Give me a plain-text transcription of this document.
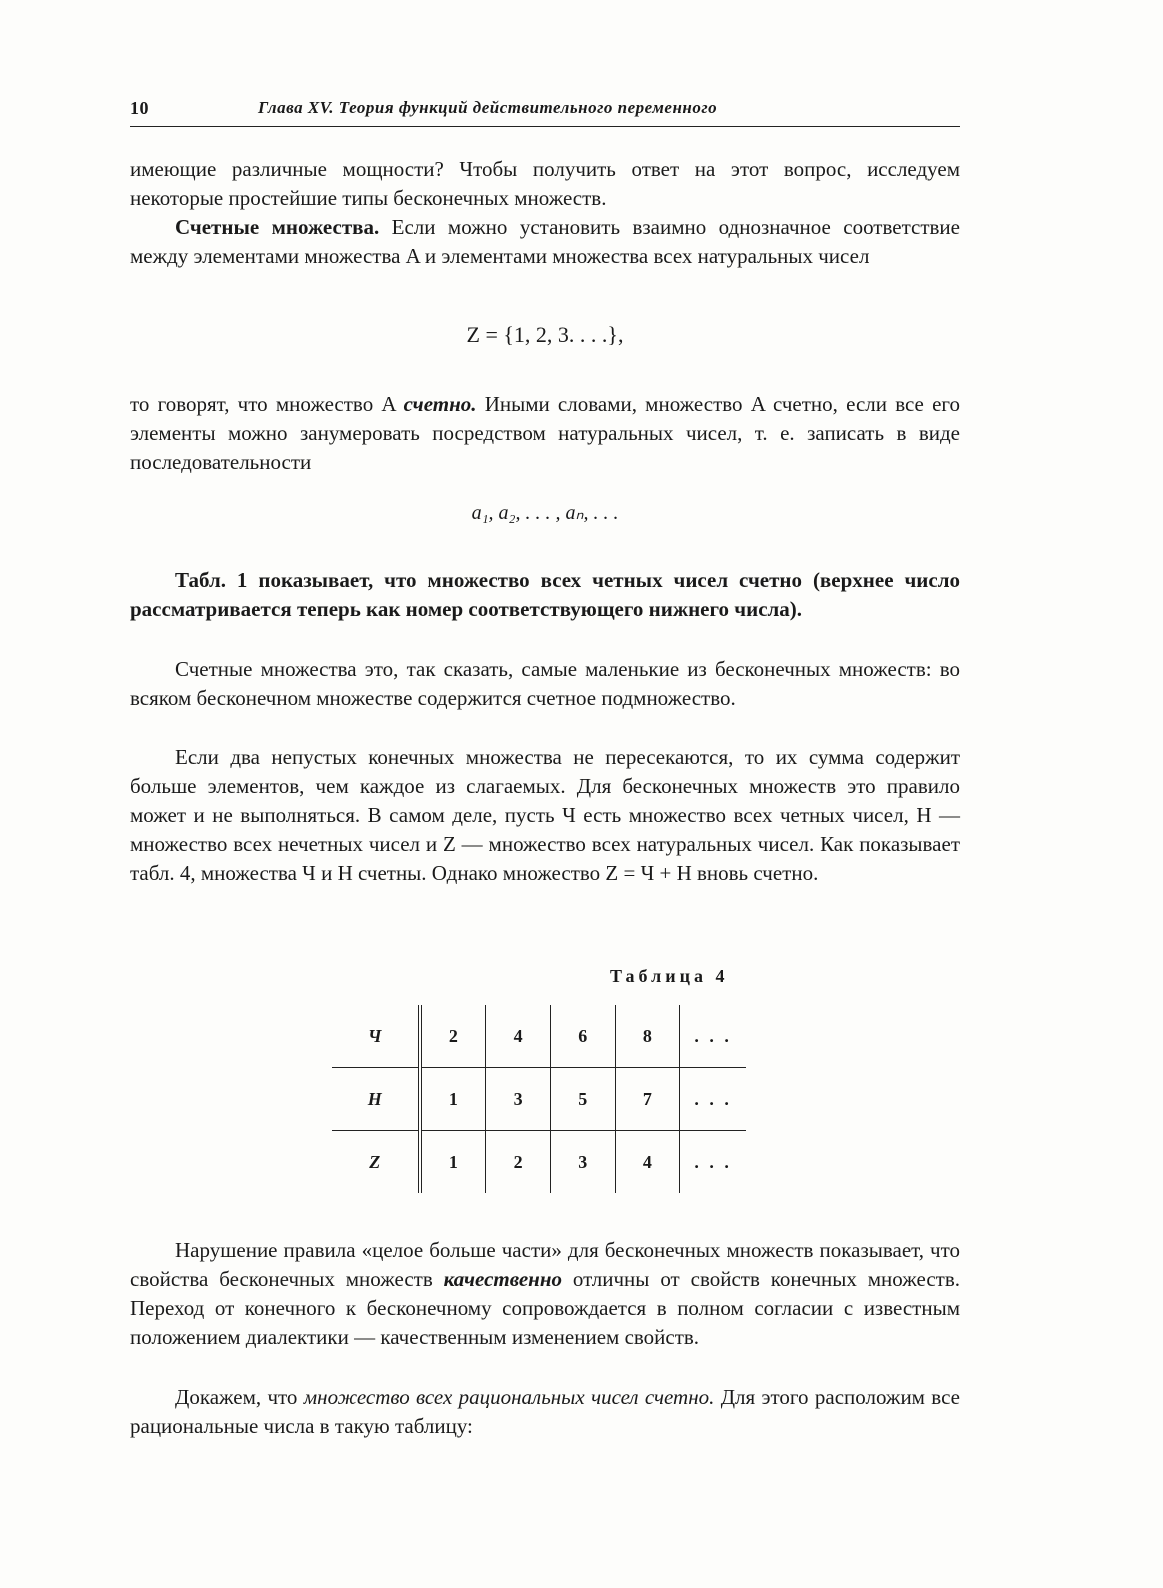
10	Глава XV. Теория функций действительного переменного
имеющие различные мощности? Чтобы получить ответ на этот вопрос, исследуем некоторые простейшие типы бесконечных множеств.
Счетные множества. Если можно установить взаимно однозначное соответствие между элементами множества A и элементами множества всех натуральных чисел
Z = {1, 2, 3. . . .},
то говорят, что множество A счетно. Иными словами, множество A счетно, если все его элементы можно занумеровать посредством натуральных чисел, т. е. записать в виде последовательности
a₁, a₂, . . . , aₙ, . . .
Табл. 1 показывает, что множество всех четных чисел счетно (верхнее число рассматривается теперь как номер соответствующего нижнего числа).
Счетные множества это, так сказать, самые маленькие из бесконечных множеств: во всяком бесконечном множестве содержится счетное подмножество.
Если два непустых конечных множества не пересекаются, то их сумма содержит больше элементов, чем каждое из слагаемых. Для бесконечных множеств это правило может и не выполняться. В самом деле, пусть Ч есть множество всех четных чисел, H — множество всех нечетных чисел и Z — множество всех натуральных чисел. Как показывает табл. 4, множества Ч и H счетны. Однако множество Z = Ч + H вновь счетно.
Таблица 4
Ч	2	4	6	8	. . .
H	1	3	5	7	. . .
Z	1	2	3	4	. . .
Нарушение правила «целое больше части» для бесконечных множеств показывает, что свойства бесконечных множеств качественно отличны от свойств конечных множеств. Переход от конечного к бесконечному сопровождается в полном согласии с известным положением диалектики — качественным изменением свойств.
Докажем, что множество всех рациональных чисел счетно. Для этого расположим все рациональные числа в такую таблицу:
